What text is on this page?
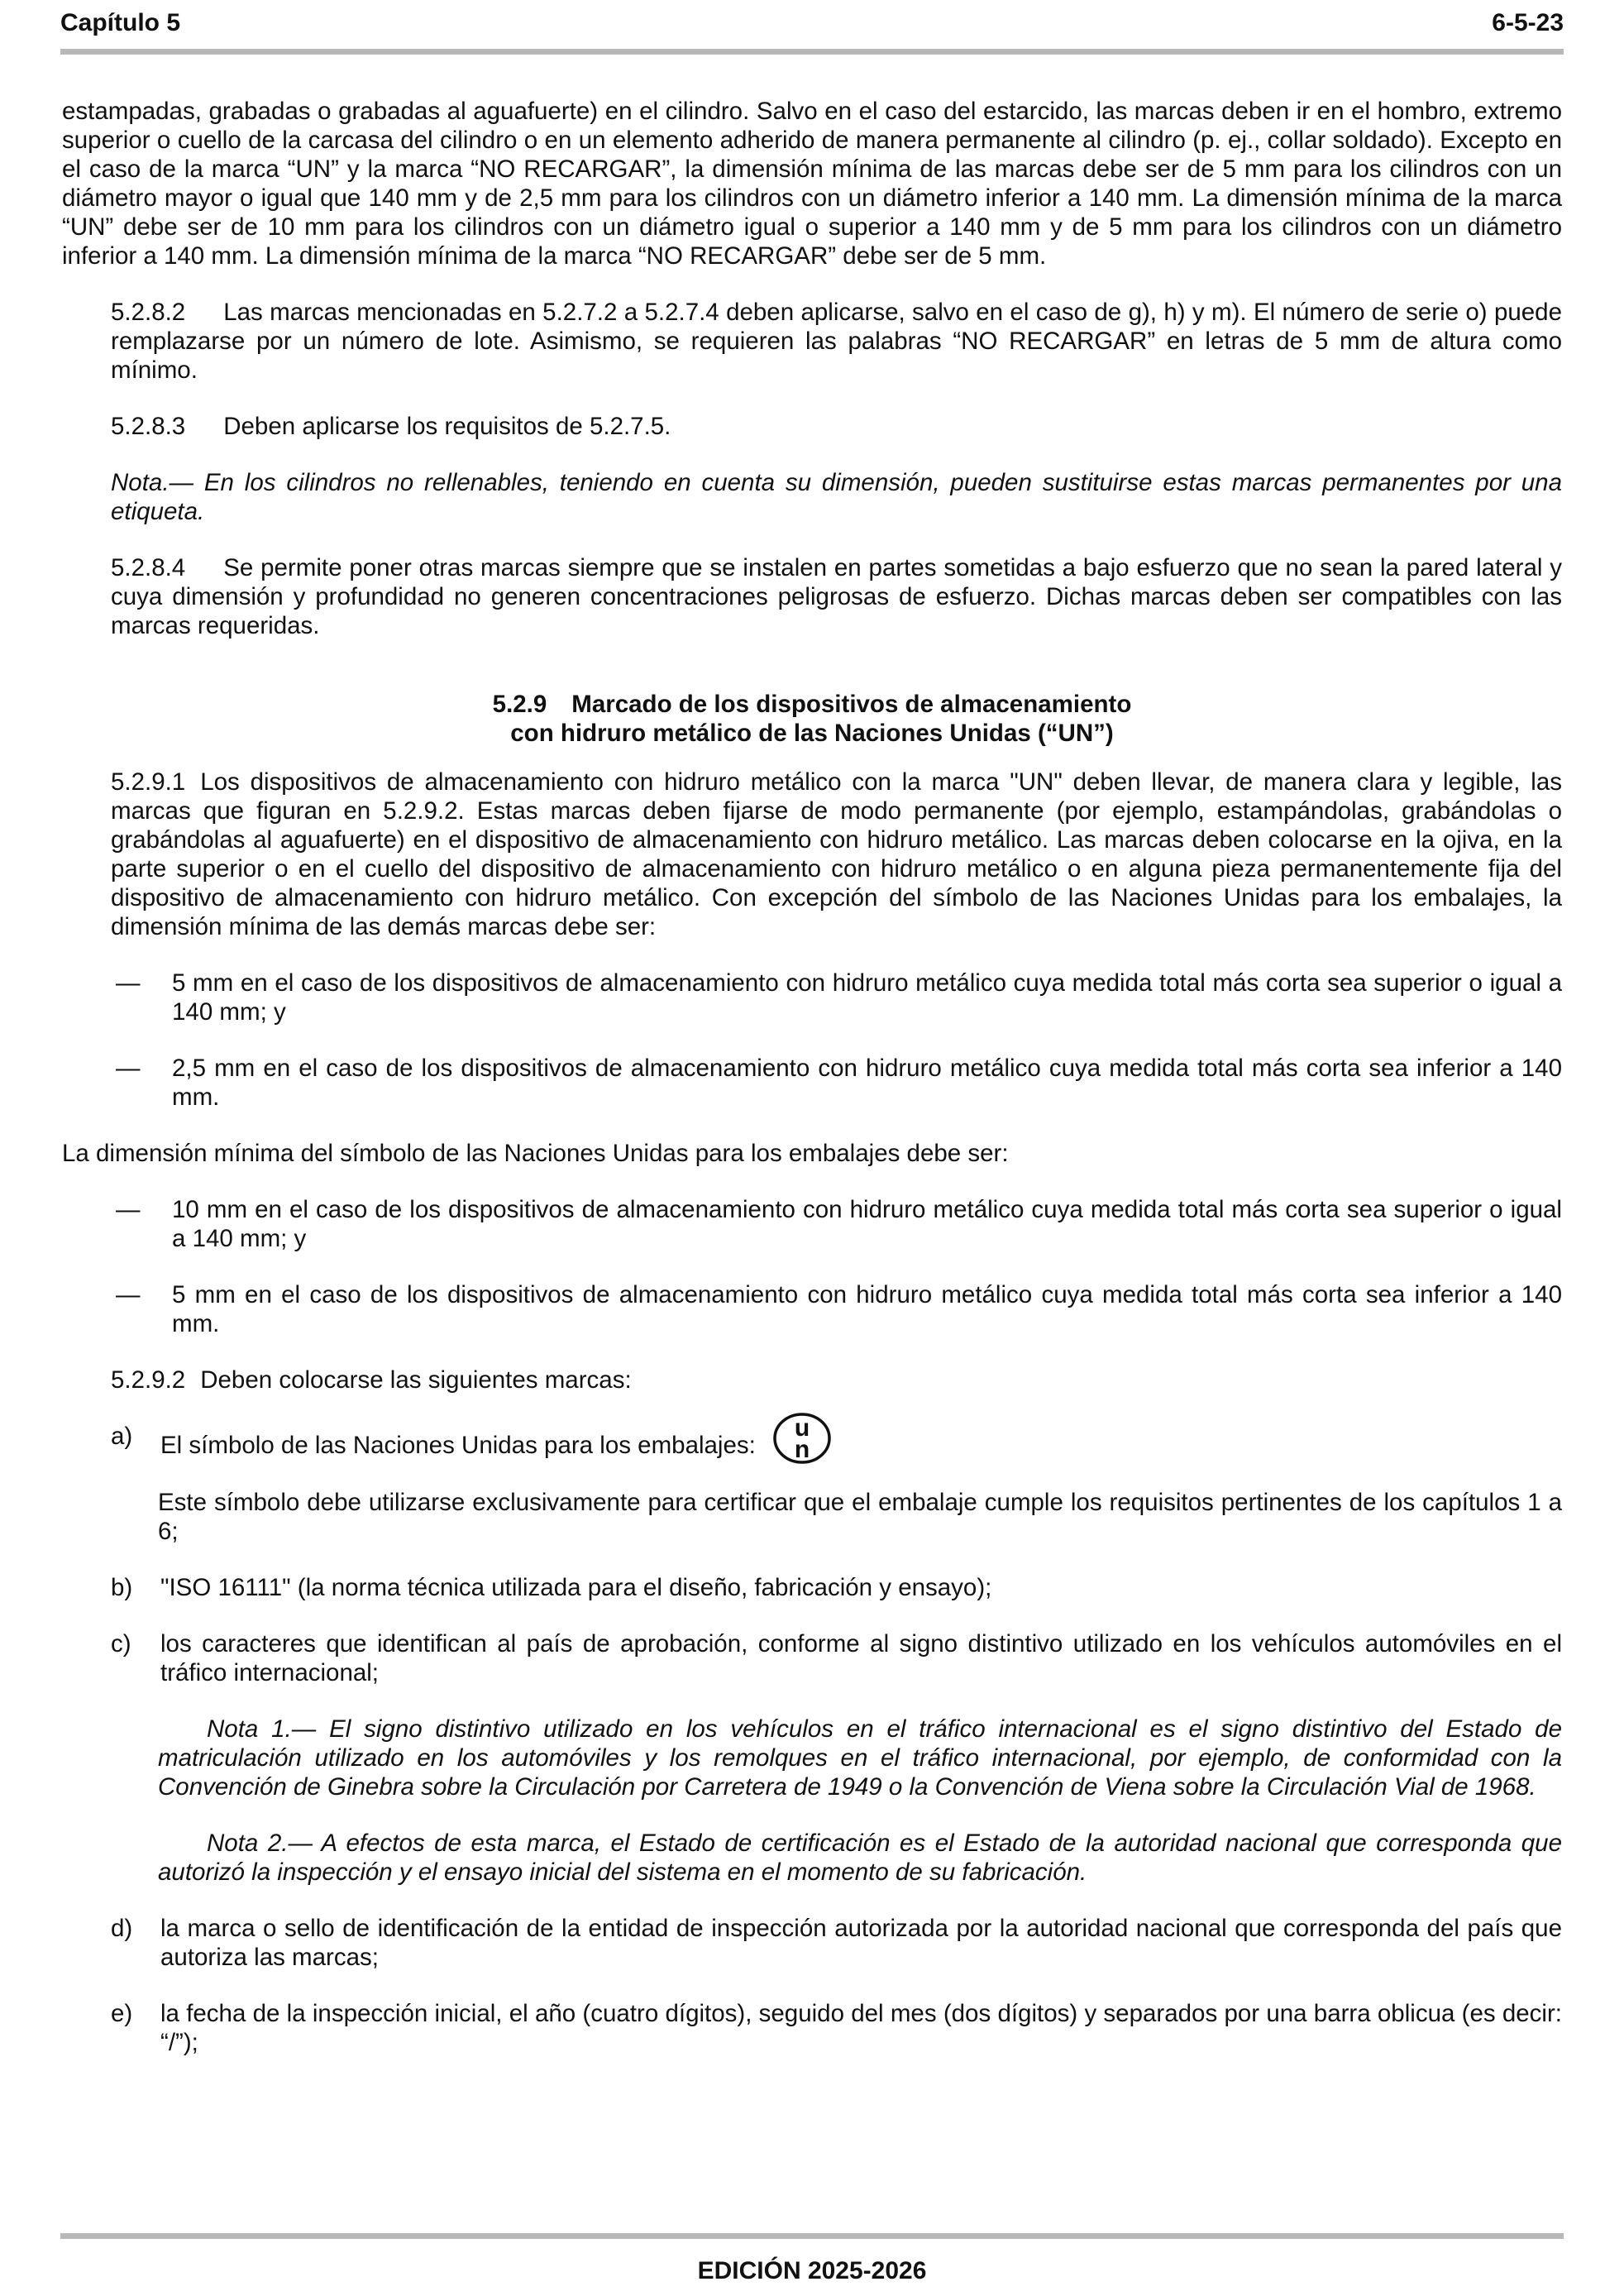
Capítulo 5	6-5-23

estampadas, grabadas o grabadas al aguafuerte) en el cilindro. Salvo en el caso del estarcido, las marcas deben ir en el hombro, extremo superior o cuello de la carcasa del cilindro o en un elemento adherido de manera permanente al cilindro (p. ej., collar soldado). Excepto en el caso de la marca “UN” y la marca “NO RECARGAR”, la dimensión mínima de las marcas debe ser de 5 mm para los cilindros con un diámetro mayor o igual que 140 mm y de 2,5 mm para los cilindros con un diámetro inferior a 140 mm. La dimensión mínima de la marca “UN” debe ser de 10 mm para los cilindros con un diámetro igual o superior a 140 mm y de 5 mm para los cilindros con un diámetro inferior a 140 mm. La dimensión mínima de la marca “NO RECARGAR” debe ser de 5 mm.

5.2.8.2 Las marcas mencionadas en 5.2.7.2 a 5.2.7.4 deben aplicarse, salvo en el caso de g), h) y m). El número de serie o) puede remplazarse por un número de lote. Asimismo, se requieren las palabras “NO RECARGAR” en letras de 5 mm de altura como mínimo.

5.2.8.3 Deben aplicarse los requisitos de 5.2.7.5.

Nota.— En los cilindros no rellenables, teniendo en cuenta su dimensión, pueden sustituirse estas marcas permanentes por una etiqueta.

5.2.8.4 Se permite poner otras marcas siempre que se instalen en partes sometidas a bajo esfuerzo que no sean la pared lateral y cuya dimensión y profundidad no generen concentraciones peligrosas de esfuerzo. Dichas marcas deben ser compatibles con las marcas requeridas.

5.2.9 Marcado de los dispositivos de almacenamiento
con hidruro metálico de las Naciones Unidas (“UN”)

5.2.9.1 Los dispositivos de almacenamiento con hidruro metálico con la marca "UN" deben llevar, de manera clara y legible, las marcas que figuran en 5.2.9.2. Estas marcas deben fijarse de modo permanente (por ejemplo, estampándolas, grabándolas o grabándolas al aguafuerte) en el dispositivo de almacenamiento con hidruro metálico. Las marcas deben colocarse en la ojiva, en la parte superior o en el cuello del dispositivo de almacenamiento con hidruro metálico o en alguna pieza permanentemente fija del dispositivo de almacenamiento con hidruro metálico. Con excepción del símbolo de las Naciones Unidas para los embalajes, la dimensión mínima de las demás marcas debe ser:

—	5 mm en el caso de los dispositivos de almacenamiento con hidruro metálico cuya medida total más corta sea superior o igual a 140 mm; y
—	2,5 mm en el caso de los dispositivos de almacenamiento con hidruro metálico cuya medida total más corta sea inferior a 140 mm.

La dimensión mínima del símbolo de las Naciones Unidas para los embalajes debe ser:

—	10 mm en el caso de los dispositivos de almacenamiento con hidruro metálico cuya medida total más corta sea superior o igual a 140 mm; y
—	5 mm en el caso de los dispositivos de almacenamiento con hidruro metálico cuya medida total más corta sea inferior a 140 mm.

5.2.9.2 Deben colocarse las siguientes marcas:

a)	El símbolo de las Naciones Unidas para los embalajes:
u
n

Este símbolo debe utilizarse exclusivamente para certificar que el embalaje cumple los requisitos pertinentes de los capítulos 1 a 6;

b)	"ISO 16111" (la norma técnica utilizada para el diseño, fabricación y ensayo);
c)	los caracteres que identifican al país de aprobación, conforme al signo distintivo utilizado en los vehículos automóviles en el tráfico internacional;

Nota 1.— El signo distintivo utilizado en los vehículos en el tráfico internacional es el signo distintivo del Estado de matriculación utilizado en los automóviles y los remolques en el tráfico internacional, por ejemplo, de conformidad con la Convención de Ginebra sobre la Circulación por Carretera de 1949 o la Convención de Viena sobre la Circulación Vial de 1968.

Nota 2.— A efectos de esta marca, el Estado de certificación es el Estado de la autoridad nacional que corresponda que autorizó la inspección y el ensayo inicial del sistema en el momento de su fabricación.

d)	la marca o sello de identificación de la entidad de inspección autorizada por la autoridad nacional que corresponda del país que autoriza las marcas;
e)	la fecha de la inspección inicial, el año (cuatro dígitos), seguido del mes (dos dígitos) y separados por una barra oblicua (es decir: “/”);
EDICIÓN 2025-2026
